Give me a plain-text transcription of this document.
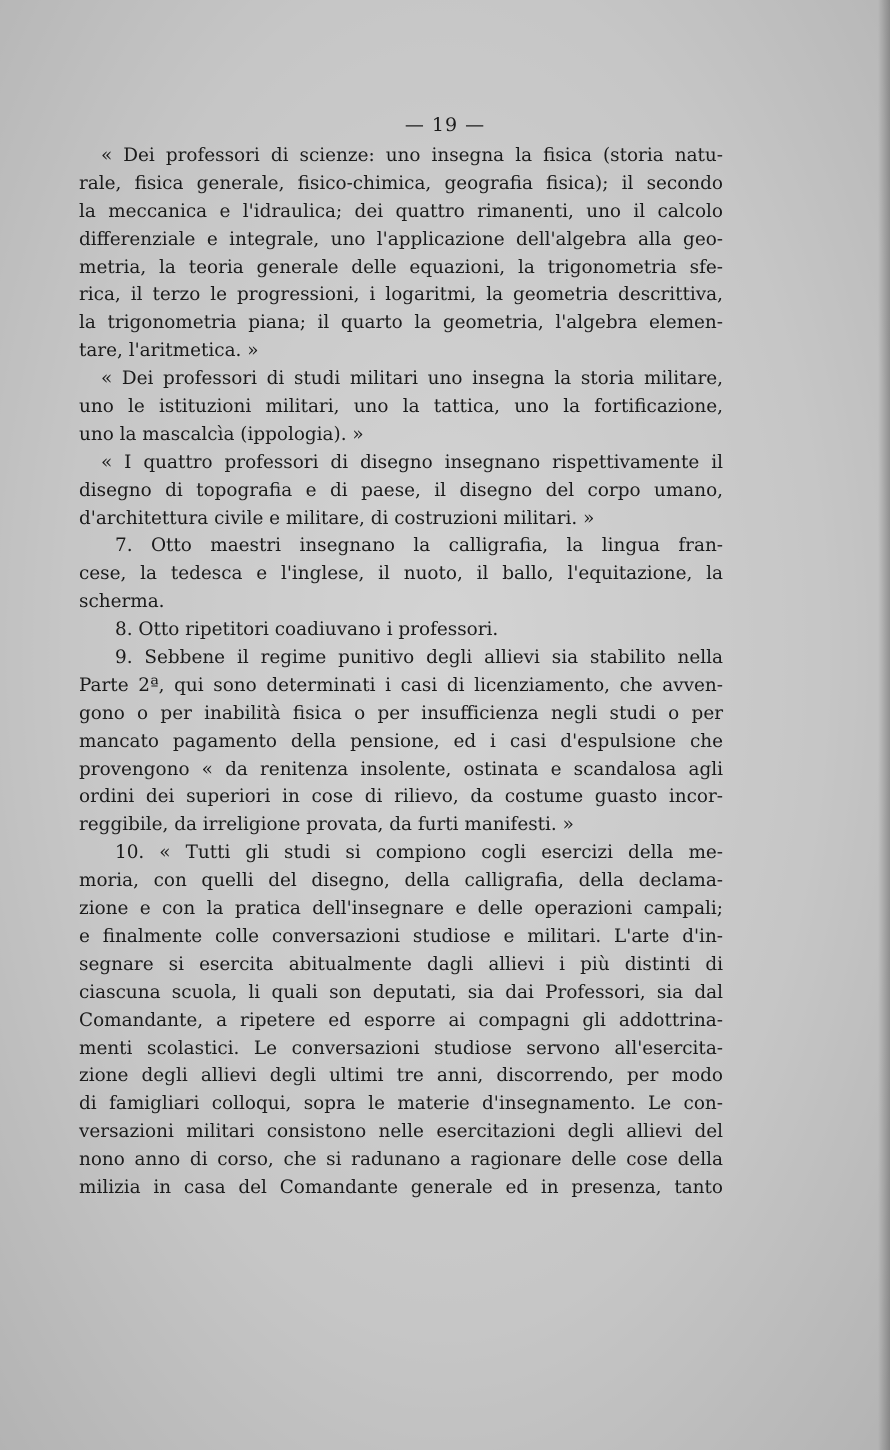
— 19 —
« Dei professori di scienze: uno insegna la fisica (storia natu-
rale, fisica generale, fisico-chimica, geografia fisica); il secondo
la meccanica e l'idraulica; dei quattro rimanenti, uno il calcolo
differenziale e integrale, uno l'applicazione dell'algebra alla geo-
metria, la teoria generale delle equazioni, la trigonometria sfe-
rica, il terzo le progressioni, i logaritmi, la geometria descrittiva,
la trigonometria piana; il quarto la geometria, l'algebra elemen-
tare, l'aritmetica. »
« Dei professori di studi militari uno insegna la storia militare,
uno le istituzioni militari, uno la tattica, uno la fortificazione,
uno la mascalcìa (ippologia). »
« I quattro professori di disegno insegnano rispettivamente il
disegno di topografia e di paese, il disegno del corpo umano,
d'architettura civile e militare, di costruzioni militari. »
7. Otto maestri insegnano la calligrafia, la lingua fran-
cese, la tedesca e l'inglese, il nuoto, il ballo, l'equitazione, la
scherma.
8. Otto ripetitori coadiuvano i professori.
9. Sebbene il regime punitivo degli allievi sia stabilito nella
Parte 2ª, qui sono determinati i casi di licenziamento, che avven-
gono o per inabilità fisica o per insufficienza negli studi o per
mancato pagamento della pensione, ed i casi d'espulsione che
provengono « da renitenza insolente, ostinata e scandalosa agli
ordini dei superiori in cose di rilievo, da costume guasto incor-
reggibile, da irreligione provata, da furti manifesti. »
10. « Tutti gli studi si compiono cogli esercizi della me-
moria, con quelli del disegno, della calligrafia, della declama-
zione e con la pratica dell'insegnare e delle operazioni campali;
e finalmente colle conversazioni studiose e militari. L'arte d'in-
segnare si esercita abitualmente dagli allievi i più distinti di
ciascuna scuola, li quali son deputati, sia dai Professori, sia dal
Comandante, a ripetere ed esporre ai compagni gli addottrina-
menti scolastici. Le conversazioni studiose servono all'esercita-
zione degli allievi degli ultimi tre anni, discorrendo, per modo
di famigliari colloqui, sopra le materie d'insegnamento. Le con-
versazioni militari consistono nelle esercitazioni degli allievi del
nono anno di corso, che si radunano a ragionare delle cose della
milizia in casa del Comandante generale ed in presenza, tanto
